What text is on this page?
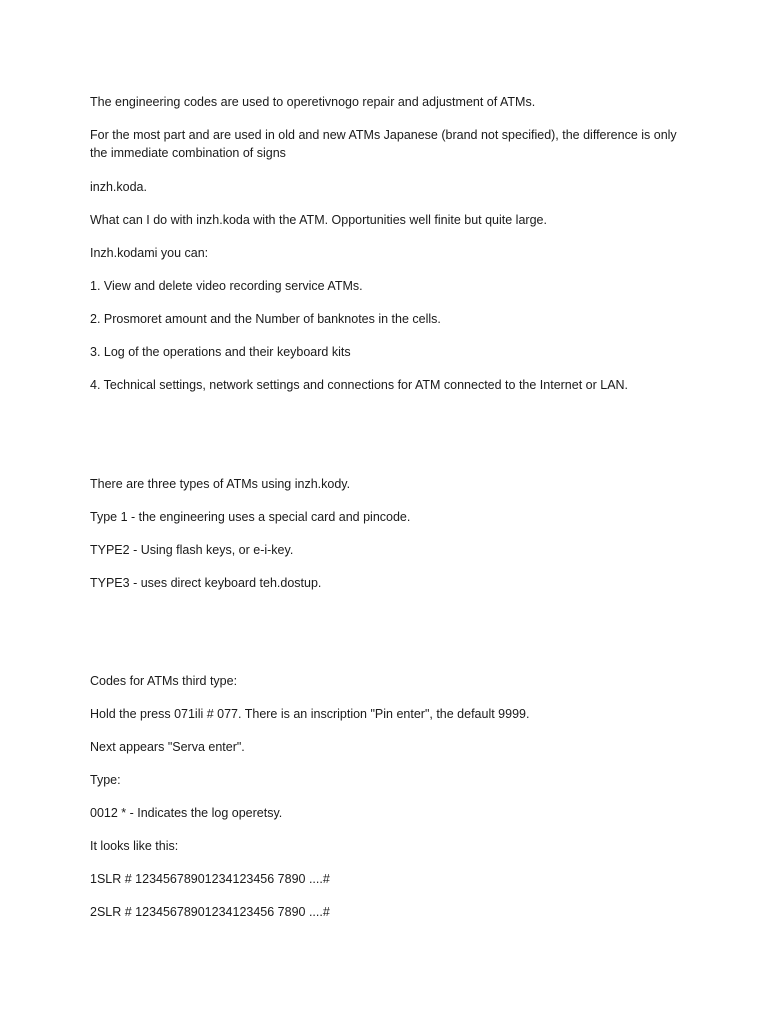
The engineering codes are used to operetivnogo repair and adjustment of ATMs.

For the most part and are used in old and new ATMs Japanese (brand not specified), the difference is only the immediate combination of signs

inzh.koda.

What can I do with inzh.koda with the ATM. Opportunities well finite but quite large.

Inzh.kodami you can:

1. View and delete video recording service ATMs.

2. Prosmoret amount and the Number of banknotes in the cells.

3. Log of the operations and their keyboard kits

4. Technical settings, network settings and connections for ATM connected to the Internet or LAN.

There are three types of ATMs using inzh.kody.

Type 1 - the engineering uses a special card and pincode.

TYPE2 - Using flash keys, or e-i-key.

TYPE3 - uses direct keyboard teh.dostup.

Codes for ATMs third type:

Hold the press 071ili # 077. There is an inscription "Pin enter", the default 9999.

Next appears "Serva enter".

Type:

0012 * - Indicates the log operetsy.

It looks like this:

1SLR # 12345678901234123456 7890 ....#

2SLR # 12345678901234123456 7890 ....#
